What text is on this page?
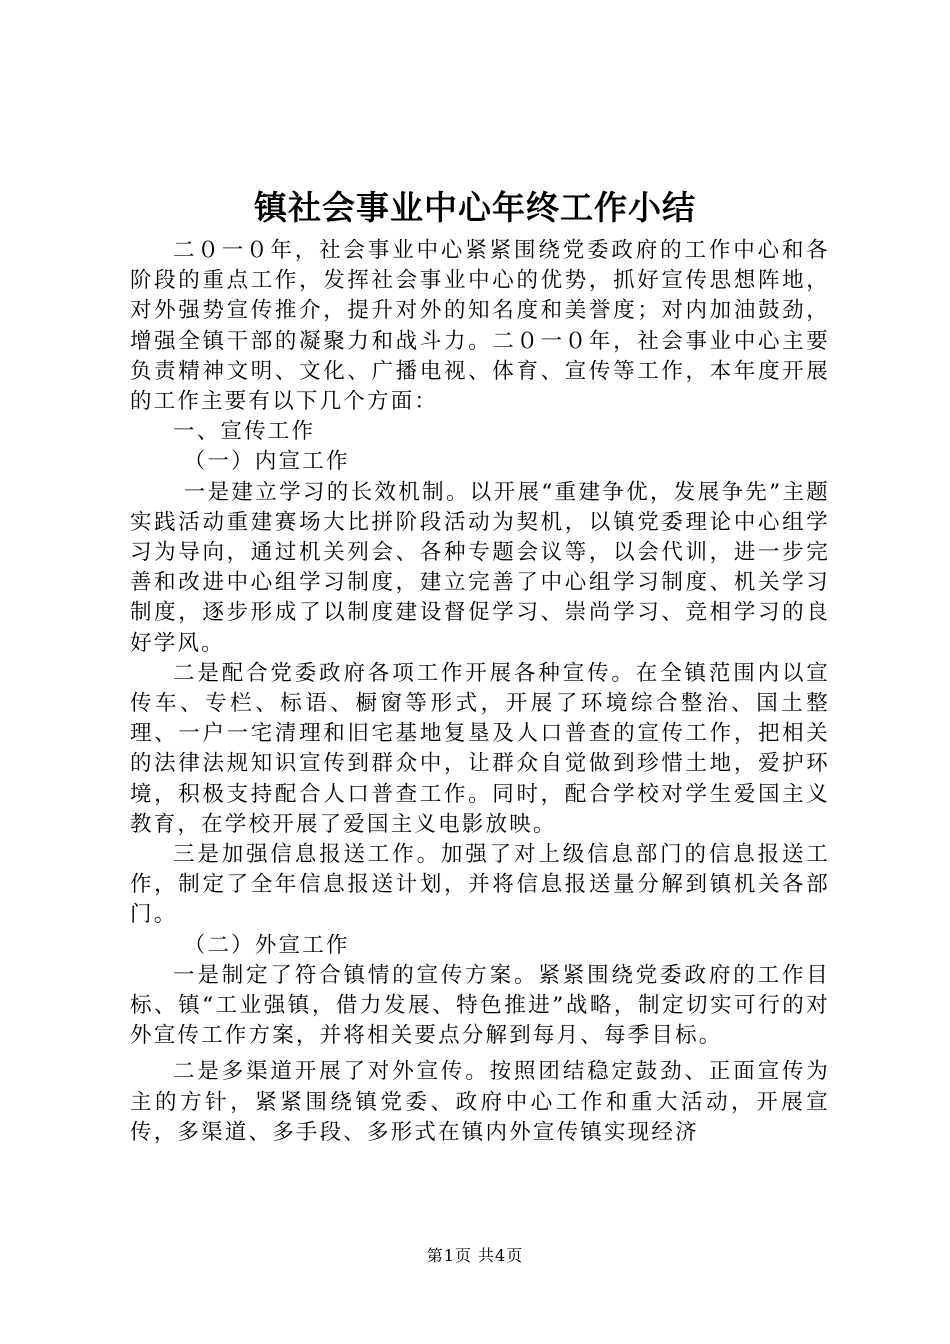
镇社会事业中心年终工作小结

二０一０年，社会事业中心紧紧围绕党委政府的工作中心和各阶段的重点工作，发挥社会事业中心的优势，抓好宣传思想阵地，对外强势宣传推介，提升对外的知名度和美誉度；对内加油鼓劲，增强全镇干部的凝聚力和战斗力。二０一０年，社会事业中心主要负责精神文明、文化、广播电视、体育、宣传等工作，本年度开展的工作主要有以下几个方面：

一、宣传工作

（一）内宣工作

一是建立学习的长效机制。以开展“重建争优，发展争先”主题实践活动重建赛场大比拼阶段活动为契机，以镇党委理论中心组学习为导向，通过机关列会、各种专题会议等，以会代训，进一步完善和改进中心组学习制度，建立完善了中心组学习制度、机关学习制度，逐步形成了以制度建设督促学习、崇尚学习、竞相学习的良好学风。

二是配合党委政府各项工作开展各种宣传。在全镇范围内以宣传车、专栏、标语、橱窗等形式，开展了环境综合整治、国土整理、一户一宅清理和旧宅基地复垦及人口普查的宣传工作，把相关的法律法规知识宣传到群众中，让群众自觉做到珍惜土地，爱护环境，积极支持配合人口普查工作。同时，配合学校对学生爱国主义教育，在学校开展了爱国主义电影放映。

三是加强信息报送工作。加强了对上级信息部门的信息报送工作，制定了全年信息报送计划，并将信息报送量分解到镇机关各部门。

（二）外宣工作

一是制定了符合镇情的宣传方案。紧紧围绕党委政府的工作目标、镇“工业强镇，借力发展、特色推进”战略，制定切实可行的对外宣传工作方案，并将相关要点分解到每月、每季目标。

二是多渠道开展了对外宣传。按照团结稳定鼓劲、正面宣传为主的方针，紧紧围绕镇党委、政府中心工作和重大活动，开展宣传，多渠道、多手段、多形式在镇内外宣传镇实现经济

第1页 共4页
